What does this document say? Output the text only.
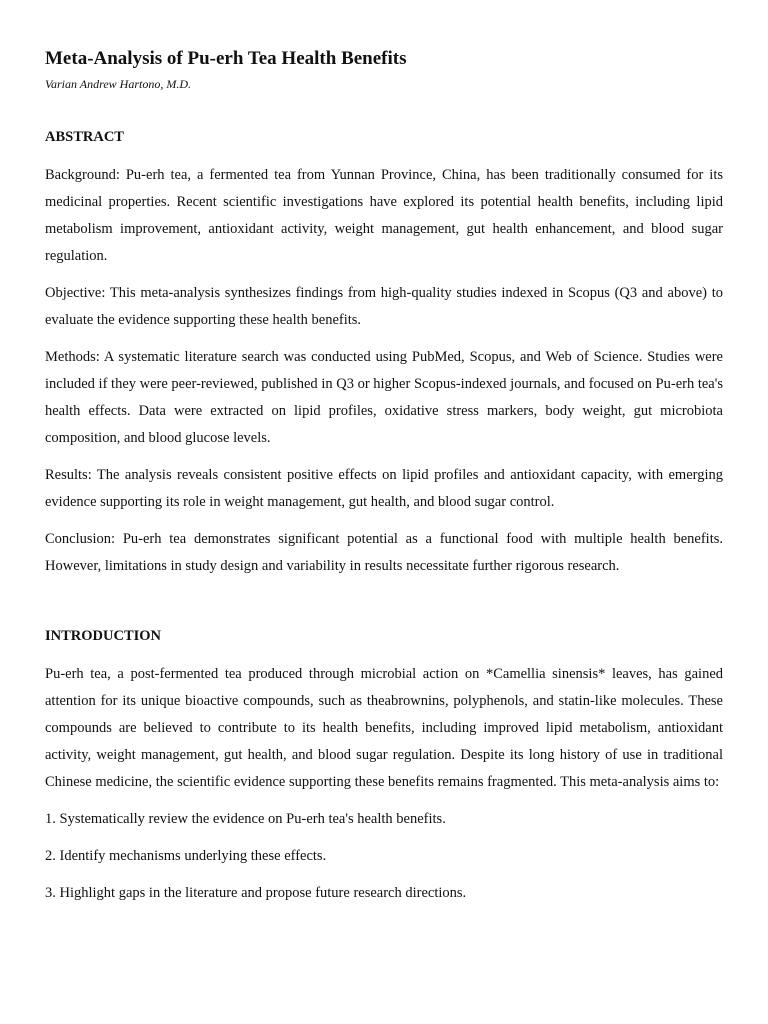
Meta-Analysis of Pu-erh Tea Health Benefits

Varian Andrew Hartono, M.D.

ABSTRACT

Background: Pu-erh tea, a fermented tea from Yunnan Province, China, has been traditionally consumed for its medicinal properties. Recent scientific investigations have explored its potential health benefits, including lipid metabolism improvement, antioxidant activity, weight management, gut health enhancement, and blood sugar regulation.

Objective: This meta-analysis synthesizes findings from high-quality studies indexed in Scopus (Q3 and above) to evaluate the evidence supporting these health benefits.

Methods: A systematic literature search was conducted using PubMed, Scopus, and Web of Science. Studies were included if they were peer-reviewed, published in Q3 or higher Scopus-indexed journals, and focused on Pu-erh tea's health effects. Data were extracted on lipid profiles, oxidative stress markers, body weight, gut microbiota composition, and blood glucose levels.

Results: The analysis reveals consistent positive effects on lipid profiles and antioxidant capacity, with emerging evidence supporting its role in weight management, gut health, and blood sugar control.

Conclusion: Pu-erh tea demonstrates significant potential as a functional food with multiple health benefits. However, limitations in study design and variability in results necessitate further rigorous research.

INTRODUCTION

Pu-erh tea, a post-fermented tea produced through microbial action on *Camellia sinensis* leaves, has gained attention for its unique bioactive compounds, such as theabrownins, polyphenols, and statin-like molecules. These compounds are believed to contribute to its health benefits, including improved lipid metabolism, antioxidant activity, weight management, gut health, and blood sugar regulation. Despite its long history of use in traditional Chinese medicine, the scientific evidence supporting these benefits remains fragmented. This meta-analysis aims to:

1. Systematically review the evidence on Pu-erh tea's health benefits.

2. Identify mechanisms underlying these effects.

3. Highlight gaps in the literature and propose future research directions.
